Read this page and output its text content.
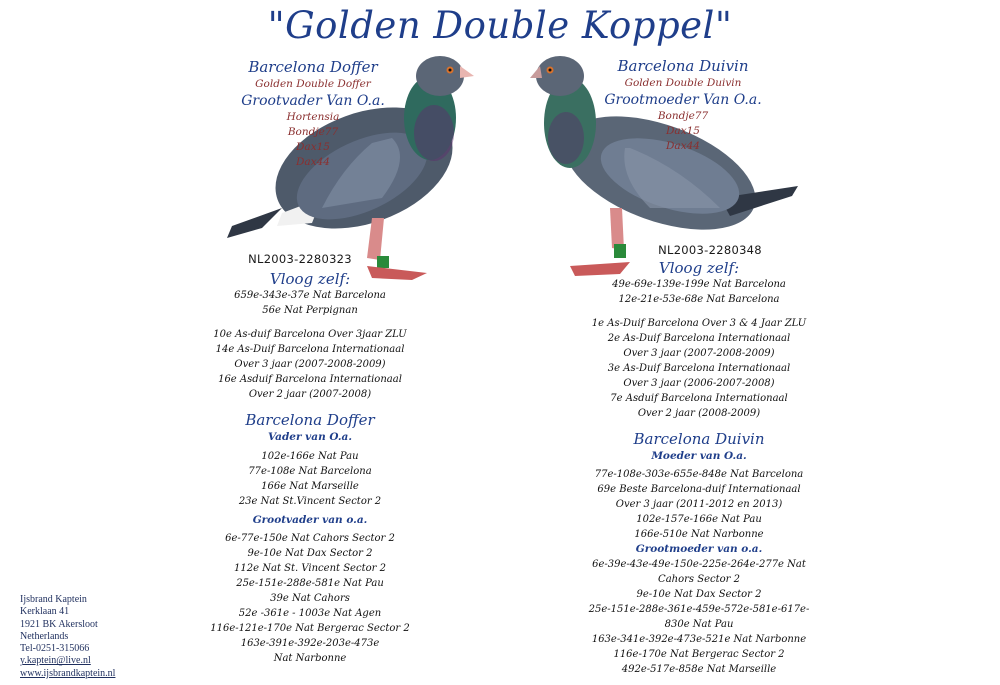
"Golden Double Koppel"
Barcelona Doffer
Golden Double Doffer
Grootvader Van O.a.
Hortensia
Bondje77
Dax15
Dax44
NL2003-2280323
Vloog zelf:
659e-343e-37e Nat Barcelona
56e Nat Perpignan
10e As-duif Barcelona Over 3jaar ZLU
14e As-Duif Barcelona Internationaal
Over 3 jaar (2007-2008-2009)
16e Asduif Barcelona Internationaal
Over 2 jaar (2007-2008)
Barcelona Doffer
Vader van O.a.
102e-166e Nat Pau
77e-108e Nat Barcelona
166e Nat Marseille
23e Nat St.Vincent Sector 2
Grootvader van o.a.
6e-77e-150e Nat Cahors Sector 2
9e-10e Nat Dax Sector 2
112e Nat St. Vincent Sector 2
25e-151e-288e-581e Nat Pau
39e Nat Cahors
52e -361e - 1003e Nat Agen
116e-121e-170e Nat Bergerac Sector 2
163e-391e-392e-203e-473e
Nat Narbonne
Barcelona Duivin
Golden Double Duivin
Grootmoeder Van O.a.
Bondje77
Dax15
Dax44
NL2003-2280348
Vloog zelf:
49e-69e-139e-199e Nat Barcelona
12e-21e-53e-68e Nat Barcelona
1e As-Duif Barcelona Over 3 & 4 Jaar ZLU
2e As-Duif Barcelona Internationaal
Over 3 jaar (2007-2008-2009)
3e As-Duif Barcelona Internationaal
Over 3 jaar (2006-2007-2008)
7e Asduif Barcelona Internationaal
Over 2 jaar (2008-2009)
Barcelona Duivin
Moeder van O.a.
77e-108e-303e-655e-848e Nat Barcelona
69e Beste Barcelona-duif Internationaal
Over 3 jaar (2011-2012 en 2013)
102e-157e-166e Nat Pau
166e-510e Nat Narbonne
Grootmoeder van o.a.
6e-39e-43e-49e-150e-225e-264e-277e Nat
Cahors Sector 2
9e-10e Nat Dax Sector 2
25e-151e-288e-361e-459e-572e-581e-617e-
830e Nat Pau
163e-341e-392e-473e-521e Nat Narbonne
116e-170e Nat Bergerac Sector 2
492e-517e-858e Nat Marseille
Ijsbrand Kaptein
Kerklaan 41
1921 BK Akersloot
Netherlands
Tel-0251-315066
y.kaptein@live.nl
www.ijsbrandkaptein.nl
